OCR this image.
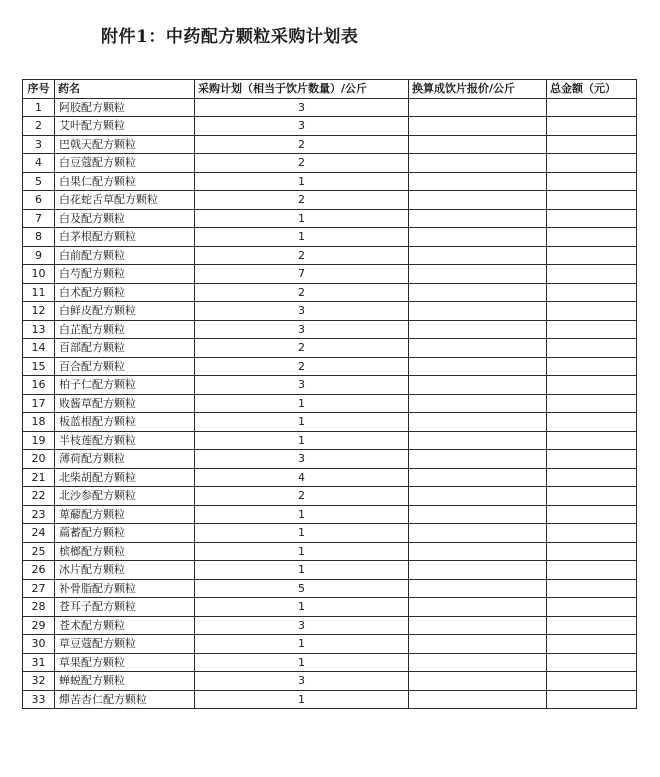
附件1：中药配方颗粒采购计划表
序号	药名	采购计划（相当于饮片数量）/公斤	换算成饮片报价/公斤	总金额（元）
1	阿胶配方颗粒	3		
2	艾叶配方颗粒	3		
3	巴戟天配方颗粒	2		
4	白豆蔻配方颗粒	2		
5	白果仁配方颗粒	1		
6	白花蛇舌草配方颗粒	2		
7	白及配方颗粒	1		
8	白茅根配方颗粒	1		
9	白前配方颗粒	2		
10	白芍配方颗粒	7		
11	白术配方颗粒	2		
12	白鲜皮配方颗粒	3		
13	白芷配方颗粒	3		
14	百部配方颗粒	2		
15	百合配方颗粒	2		
16	柏子仁配方颗粒	3		
17	败酱草配方颗粒	1		
18	板蓝根配方颗粒	1		
19	半枝莲配方颗粒	1		
20	薄荷配方颗粒	3		
21	北柴胡配方颗粒	4		
22	北沙参配方颗粒	2		
23	萆薢配方颗粒	1		
24	萹蓄配方颗粒	1		
25	槟榔配方颗粒	1		
26	冰片配方颗粒	1		
27	补骨脂配方颗粒	5		
28	苍耳子配方颗粒	1		
29	苍术配方颗粒	3		
30	草豆蔻配方颗粒	1		
31	草果配方颗粒	1		
32	蝉蜕配方颗粒	3		
33	燀苦杏仁配方颗粒	1		
